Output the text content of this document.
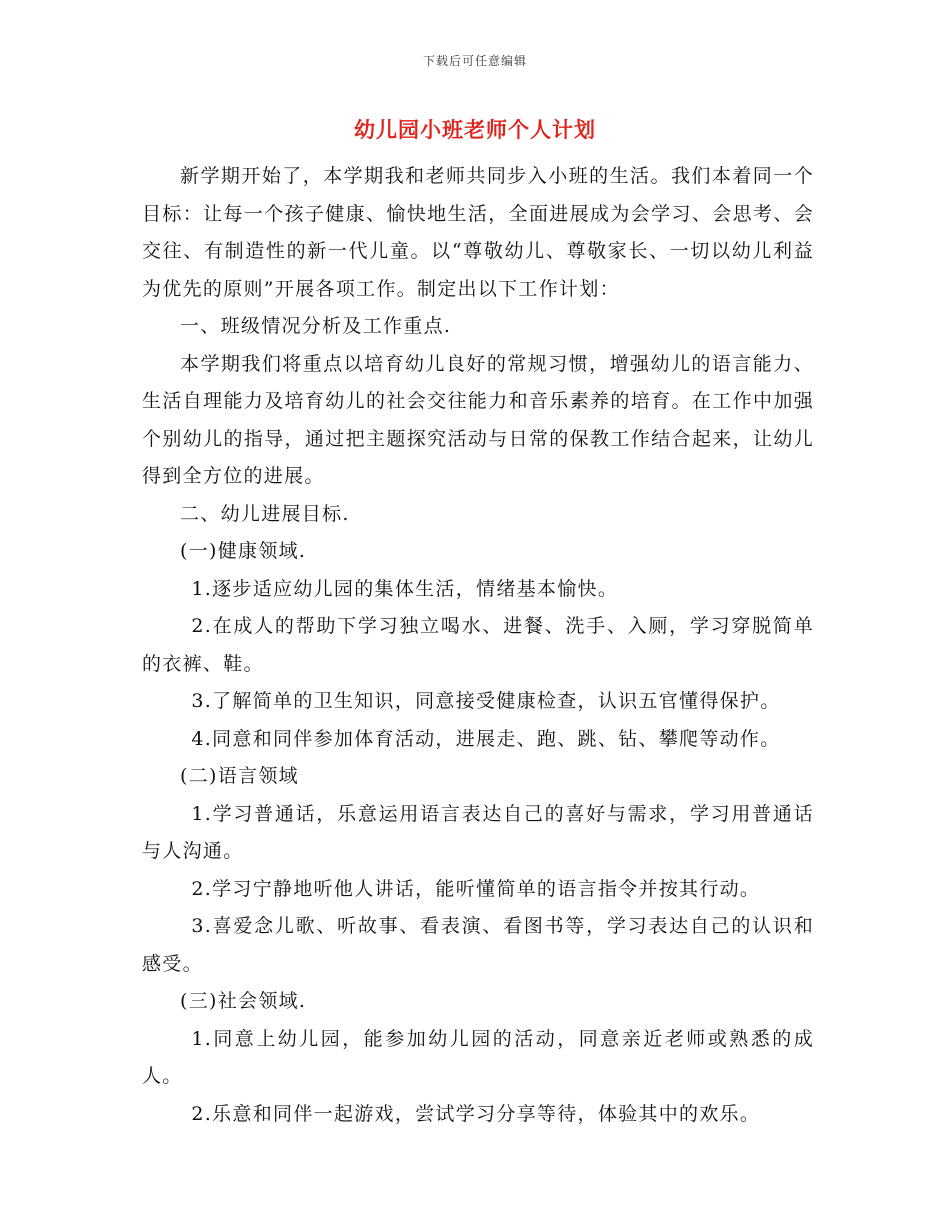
下载后可任意编辑
幼儿园小班老师个人计划

新学期开始了，本学期我和老师共同步入小班的生活。我们本着同一个目标：让每一个孩子健康、愉快地生活，全面进展成为会学习、会思考、会交往、有制造性的新一代儿童。以“尊敬幼儿、尊敬家长、一切以幼儿利益为优先的原则”开展各项工作。制定出以下工作计划：

一、班级情况分析及工作重点.

本学期我们将重点以培育幼儿良好的常规习惯，增强幼儿的语言能力、生活自理能力及培育幼儿的社会交往能力和音乐素养的培育。在工作中加强个别幼儿的指导，通过把主题探究活动与日常的保教工作结合起来，让幼儿得到全方位的进展。

二、幼儿进展目标.

(一)健康领域.

1.逐步适应幼儿园的集体生活，情绪基本愉快。

2.在成人的帮助下学习独立喝水、进餐、洗手、入厕，学习穿脱简单的衣裤、鞋。

3.了解简单的卫生知识，同意接受健康检查，认识五官懂得保护。

4.同意和同伴参加体育活动，进展走、跑、跳、钻、攀爬等动作。

(二)语言领域

1.学习普通话，乐意运用语言表达自己的喜好与需求，学习用普通话与人沟通。

2.学习宁静地听他人讲话，能听懂简单的语言指令并按其行动。

3.喜爱念儿歌、听故事、看表演、看图书等，学习表达自己的认识和感受。

(三)社会领域.

1.同意上幼儿园，能参加幼儿园的活动，同意亲近老师或熟悉的成人。

2.乐意和同伴一起游戏，尝试学习分享等待，体验其中的欢乐。
